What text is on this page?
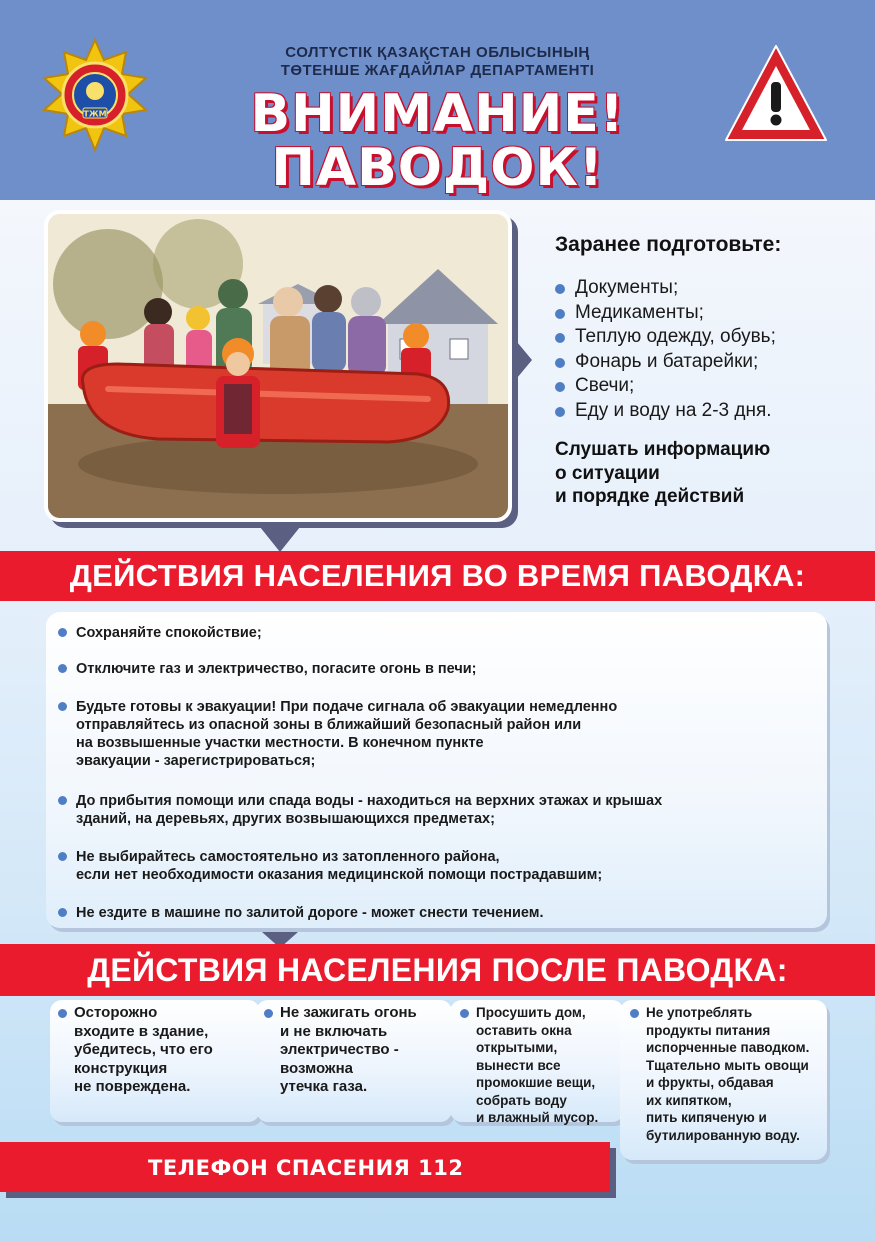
ТЖМ
СОЛТҮСТІК ҚАЗАҚСТАН ОБЛЫСЫНЫҢ
ТӨТЕНШЕ ЖАҒДАЙЛАР ДЕПАРТАМЕНТІ
ВНИМАНИЕ!
ПАВОДОК!
Заранее подготовьте:
Документы;
Медикаменты;
Теплую одежду, обувь;
Фонарь и батарейки;
Свечи;
Еду и воду на 2-3 дня.
Слушать информацию
о ситуации
и порядке действий
ДЕЙСТВИЯ НАСЕЛЕНИЯ ВО ВРЕМЯ ПАВОДКА:
Сохраняйте спокойствие;
Отключите газ и электричество, погасите огонь в печи;
Будьте готовы к эвакуации! При подаче сигнала об эвакуации немедленно
отправляйтесь из опасной зоны в ближайший безопасный район или
на возвышенные участки местности. В конечном пункте
эвакуации - зарегистрироваться;
До прибытия помощи или спада воды - находиться на верхних этажах и крышах
зданий, на деревьях, других возвышающихся предметах;
Не выбирайтесь самостоятельно из затопленного района,
если нет необходимости оказания медицинской помощи пострадавшим;
Не ездите в машине по залитой дороге - может снести течением.
ДЕЙСТВИЯ НАСЕЛЕНИЯ ПОСЛЕ ПАВОДКА:
Осторожно
входите в здание,
убедитесь, что его
конструкция
не повреждена.
Не зажигать огонь
и не включать
электричество -
возможна
утечка газа.
Просушить дом,
оставить окна
открытыми,
вынести все
промокшие вещи,
собрать воду
и влажный мусор.
Не употреблять
продукты питания
испорченные паводком.
Тщательно мыть овощи
и фрукты, обдавая
их кипятком,
пить кипяченую и
бутилированную воду.
ТЕЛЕФОН СПАСЕНИЯ 112
